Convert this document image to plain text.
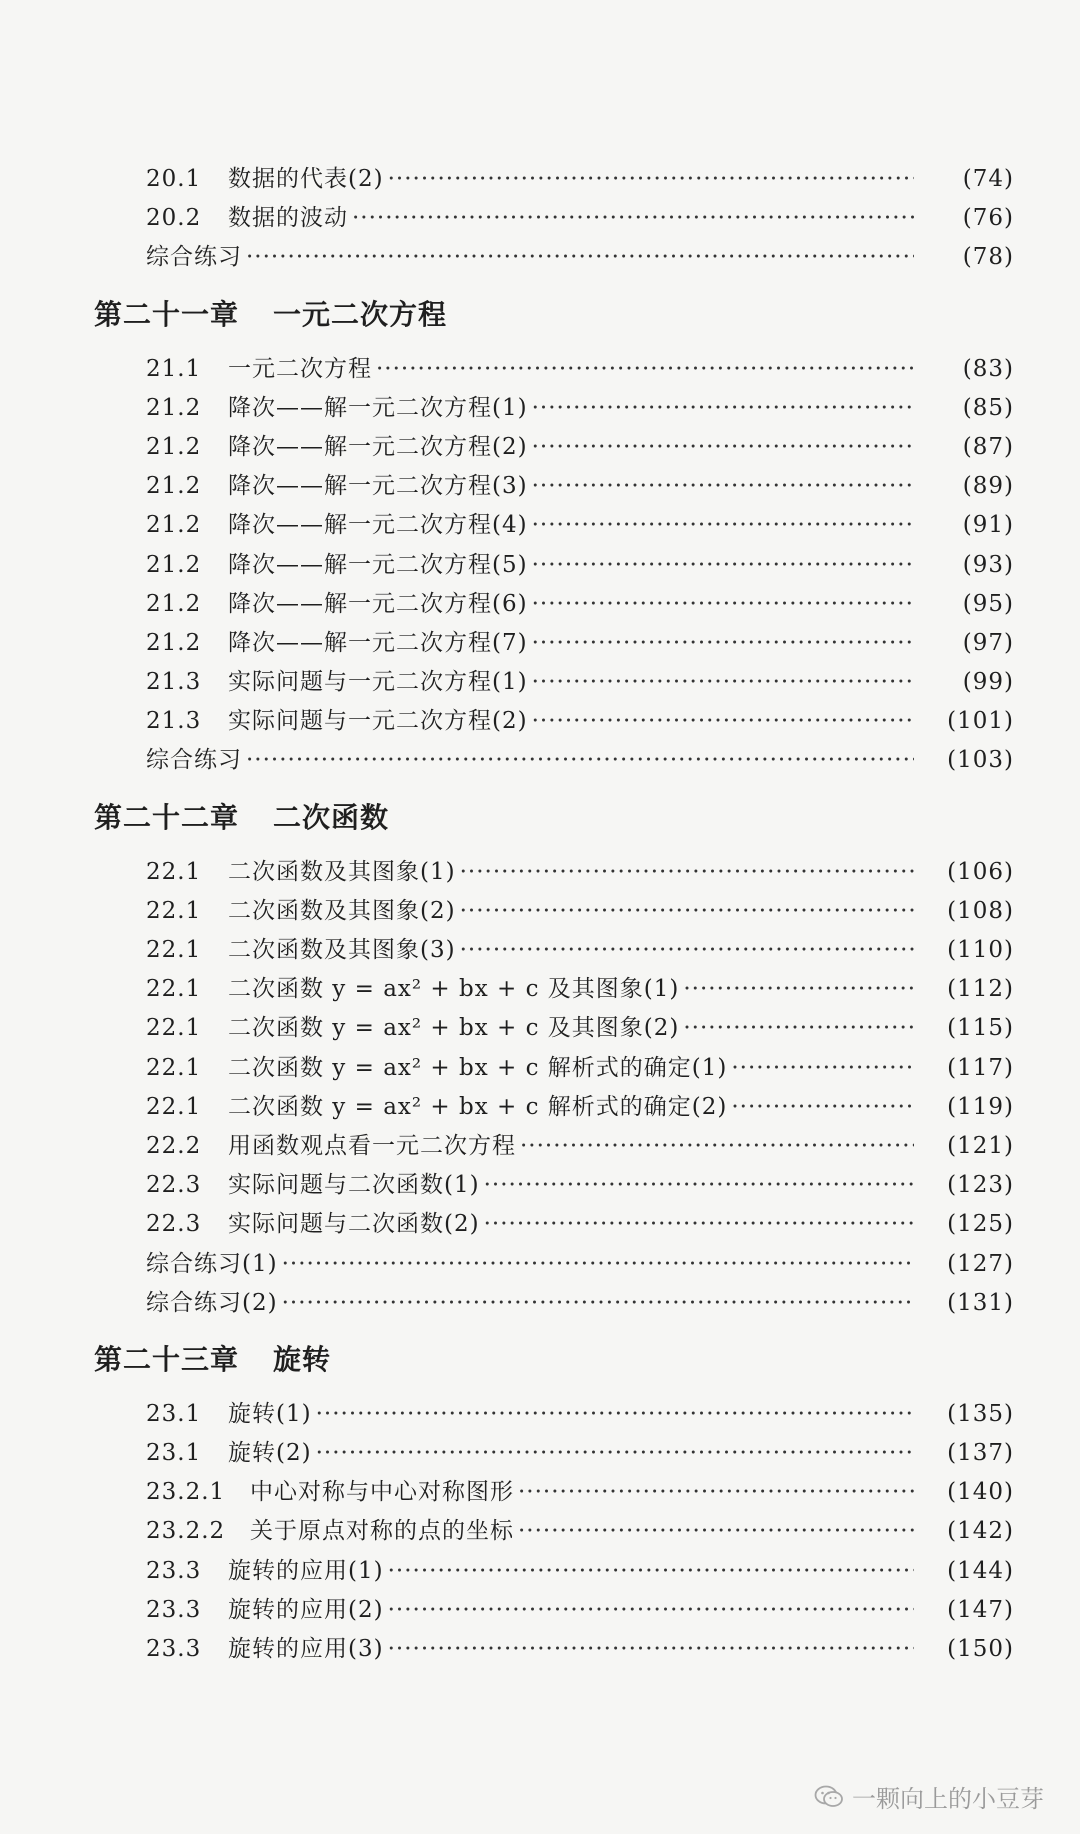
20.1	数据的代表(2) ·····	(74)
20.2	数据的波动 ·····	(76)
综合练习 ·····	(78)
第二十一章 一元二次方程
21.1	一元二次方程 ·····	(83)
21.2	降次——解一元二次方程(1) ·····	(85)
21.2	降次——解一元二次方程(2) ·····	(87)
21.2	降次——解一元二次方程(3) ·····	(89)
21.2	降次——解一元二次方程(4) ·····	(91)
21.2	降次——解一元二次方程(5) ·····	(93)
21.2	降次——解一元二次方程(6) ·····	(95)
21.2	降次——解一元二次方程(7) ·····	(97)
21.3	实际问题与一元二次方程(1) ·····	(99)
21.3	实际问题与一元二次方程(2) ·····	(101)
综合练习 ·····	(103)
第二十二章 二次函数
22.1	二次函数及其图象(1) ·····	(106)
22.1	二次函数及其图象(2) ·····	(108)
22.1	二次函数及其图象(3) ·····	(110)
22.1	二次函数 y = ax² + bx + c 及其图象(1) ·····	(112)
22.1	二次函数 y = ax² + bx + c 及其图象(2) ·····	(115)
22.1	二次函数 y = ax² + bx + c 解析式的确定(1) ·····	(117)
22.1	二次函数 y = ax² + bx + c 解析式的确定(2) ·····	(119)
22.2	用函数观点看一元二次方程 ·····	(121)
22.3	实际问题与二次函数(1) ·····	(123)
22.3	实际问题与二次函数(2) ·····	(125)
综合练习(1) ·····	(127)
综合练习(2) ·····	(131)
第二十三章 旋转
23.1	旋转(1) ·····	(135)
23.1	旋转(2) ·····	(137)
23.2.1	中心对称与中心对称图形 ·····	(140)
23.2.2	关于原点对称的点的坐标 ·····	(142)
23.3	旋转的应用(1) ·····	(144)
23.3	旋转的应用(2) ·····	(147)
23.3	旋转的应用(3) ·····	(150)
一颗向上的小豆芽
